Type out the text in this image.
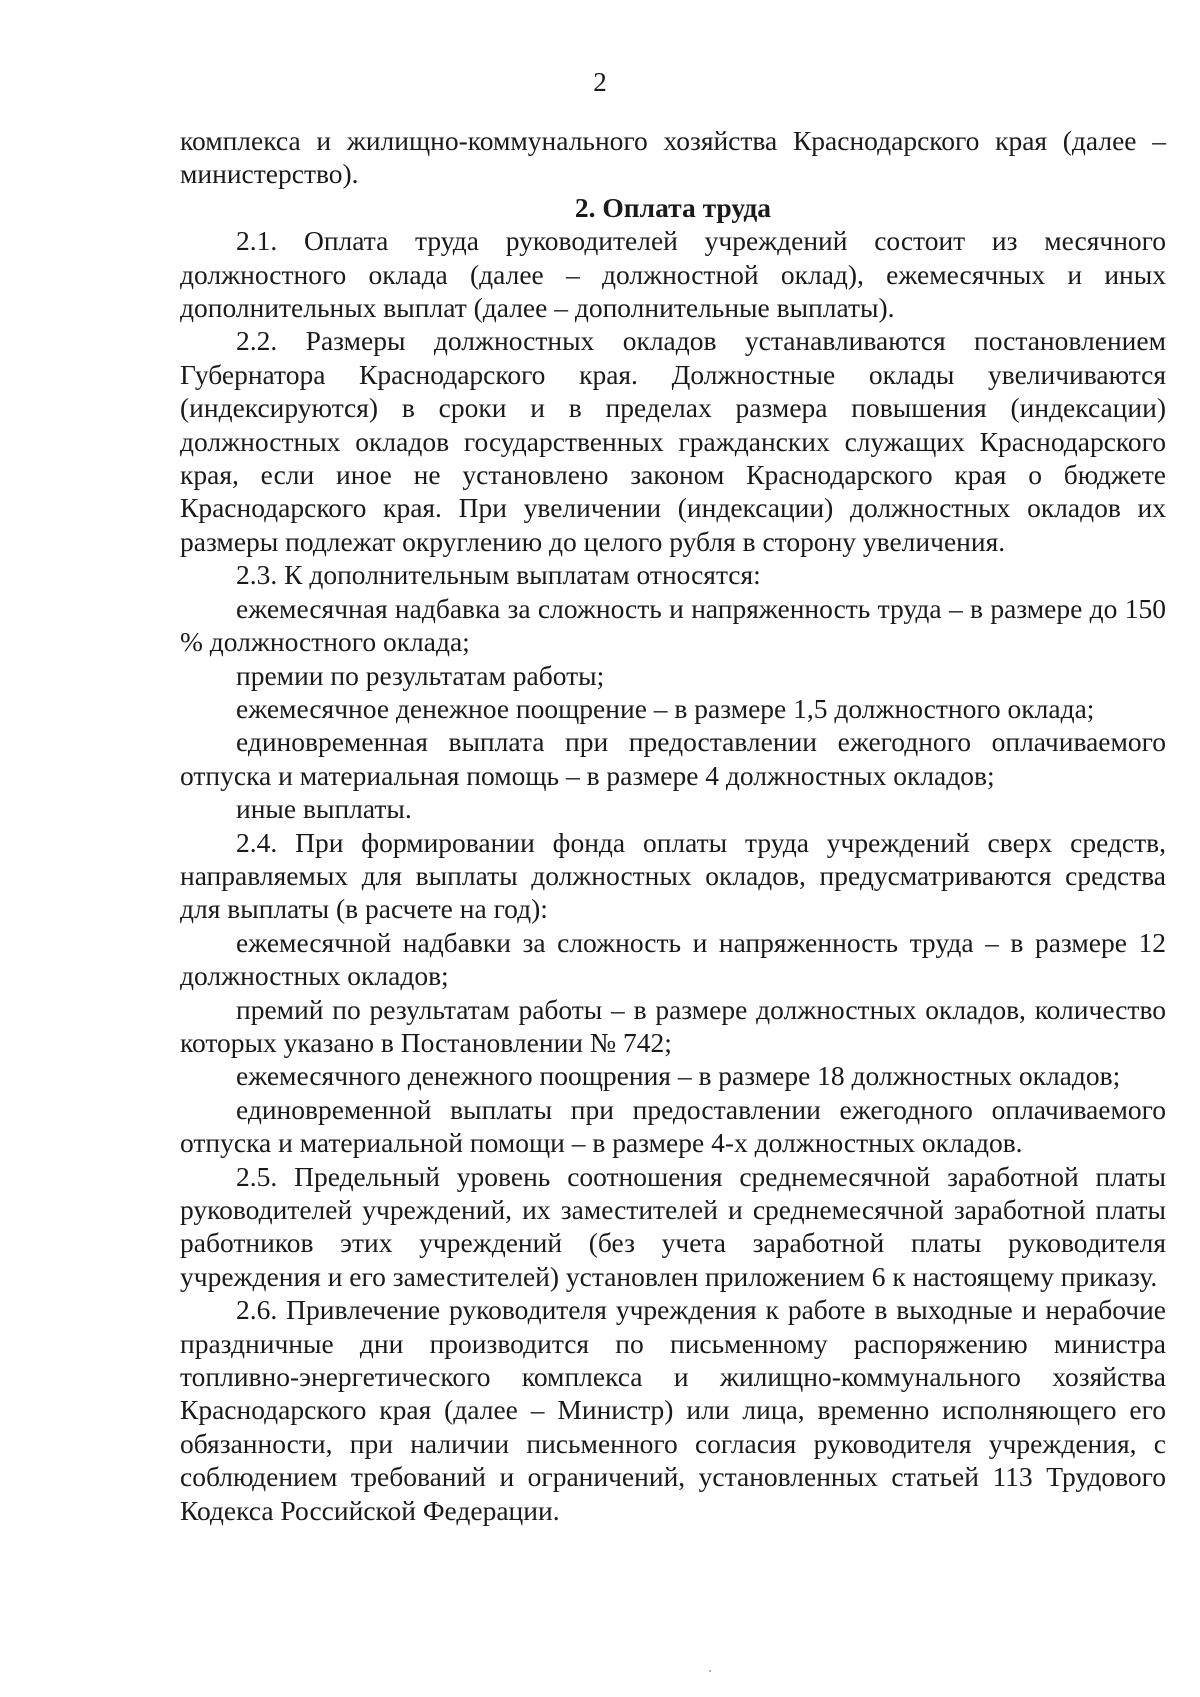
2

комплекса и жилищно-коммунального хозяйства Краснодарского края (далее – министерство).

2. Оплата труда

2.1. Оплата труда руководителей учреждений состоит из месячного должностного оклада (далее – должностной оклад), ежемесячных и иных дополнительных выплат (далее – дополнительные выплаты).

2.2. Размеры должностных окладов устанавливаются постановлением Губернатора Краснодарского края. Должностные оклады увеличиваются (индексируются) в сроки и в пределах размера повышения (индексации) должностных окладов государственных гражданских служащих Краснодарского края, если иное не установлено законом Краснодарского края о бюджете Краснодарского края. При увеличении (индексации) должностных окладов их размеры подлежат округлению до целого рубля в сторону увеличения.

2.3. К дополнительным выплатам относятся:

ежемесячная надбавка за сложность и напряженность труда – в размере до 150 % должностного оклада;

премии по результатам работы;

ежемесячное денежное поощрение – в размере 1,5 должностного оклада;

единовременная выплата при предоставлении ежегодного оплачиваемого отпуска и материальная помощь – в размере 4 должностных окладов;

иные выплаты.

2.4. При формировании фонда оплаты труда учреждений сверх средств, направляемых для выплаты должностных окладов, предусматриваются средства для выплаты (в расчете на год):

ежемесячной надбавки за сложность и напряженность труда – в размере 12 должностных окладов;

премий по результатам работы – в размере должностных окладов, количество которых указано в Постановлении № 742;

ежемесячного денежного поощрения – в размере 18 должностных окладов;

единовременной выплаты при предоставлении ежегодного оплачиваемого отпуска и материальной помощи – в размере 4-х должностных окладов.

2.5. Предельный уровень соотношения среднемесячной заработной платы руководителей учреждений, их заместителей и среднемесячной заработной платы работников этих учреждений (без учета заработной платы руководителя учреждения и его заместителей) установлен приложением 6 к настоящему приказу.

2.6. Привлечение руководителя учреждения к работе в выходные и нерабочие праздничные дни производится по письменному распоряжению министра топливно-энергетического комплекса и жилищно-коммунального хозяйства Краснодарского края (далее – Министр) или лица, временно исполняющего его обязанности, при наличии письменного согласия руководителя учреждения, с соблюдением требований и ограничений, установленных статьей 113 Трудового Кодекса Российской Федерации.
